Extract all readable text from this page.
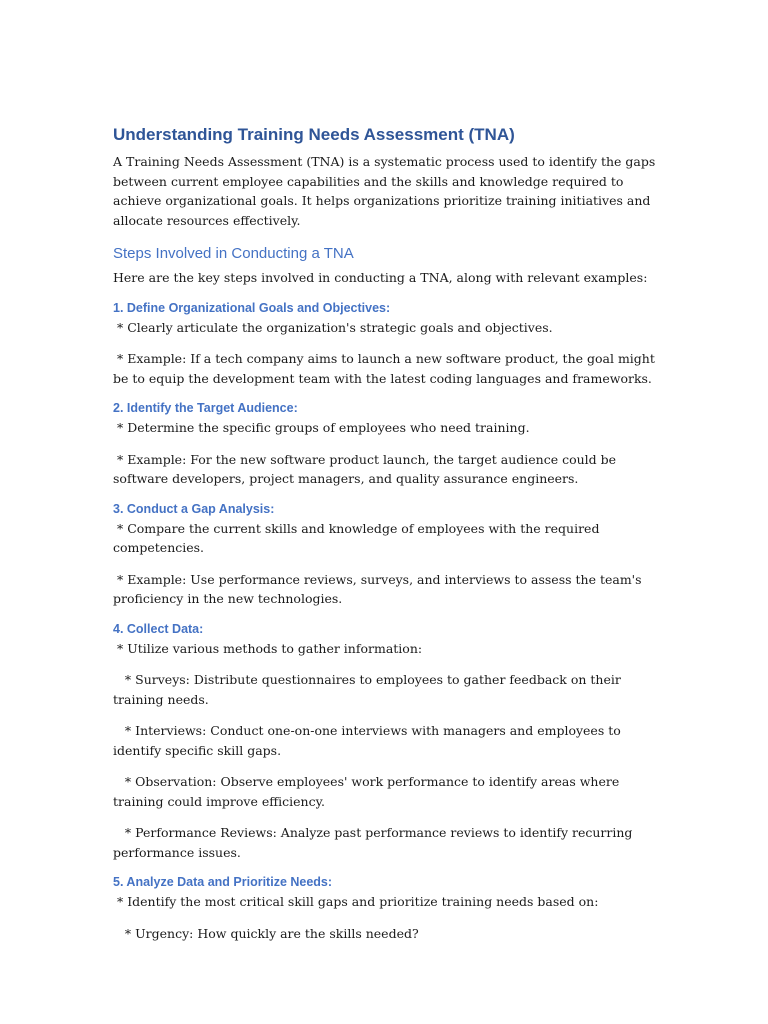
Understanding Training Needs Assessment (TNA)

A Training Needs Assessment (TNA) is a systematic process used to identify the gaps between current employee capabilities and the skills and knowledge required to achieve organizational goals. It helps organizations prioritize training initiatives and allocate resources effectively.

Steps Involved in Conducting a TNA

Here are the key steps involved in conducting a TNA, along with relevant examples:

1. Define Organizational Goals and Objectives:

* Clearly articulate the organization's strategic goals and objectives.

* Example: If a tech company aims to launch a new software product, the goal might be to equip the development team with the latest coding languages and frameworks.

2. Identify the Target Audience:

* Determine the specific groups of employees who need training.

* Example: For the new software product launch, the target audience could be software developers, project managers, and quality assurance engineers.

3. Conduct a Gap Analysis:

* Compare the current skills and knowledge of employees with the required competencies.

* Example: Use performance reviews, surveys, and interviews to assess the team's proficiency in the new technologies.

4. Collect Data:

* Utilize various methods to gather information:

* Surveys: Distribute questionnaires to employees to gather feedback on their training needs.

* Interviews: Conduct one-on-one interviews with managers and employees to identify specific skill gaps.

* Observation: Observe employees' work performance to identify areas where training could improve efficiency.

* Performance Reviews: Analyze past performance reviews to identify recurring performance issues.

5. Analyze Data and Prioritize Needs:

* Identify the most critical skill gaps and prioritize training needs based on:

* Urgency: How quickly are the skills needed?
